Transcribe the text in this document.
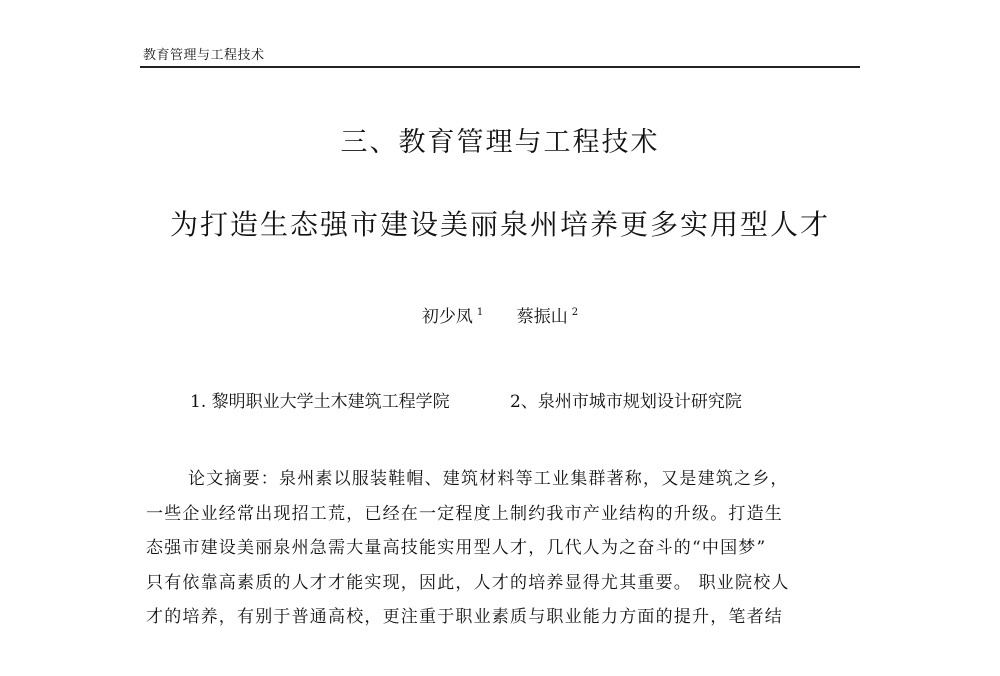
教育管理与工程技术
三、教育管理与工程技术
为打造生态强市建设美丽泉州培养更多实用型人才
初少凤 $^1$ 蔡振山 $^2$
1. 黎明职业大学土木建筑工程学院	2、泉州市城市规划设计研究院
论文摘要：泉州素以服装鞋帽、建筑材料等工业集群著称，又是建筑之乡，
一些企业经常出现招工荒，已经在一定程度上制约我市产业结构的升级。打造生
态强市建设美丽泉州急需大量高技能实用型人才，几代人为之奋斗的“中国梦”
只有依靠高素质的人才才能实现，因此，人才的培养显得尤其重要。 职业院校人
才的培养，有别于普通高校，更注重于职业素质与职业能力方面的提升，笔者结
